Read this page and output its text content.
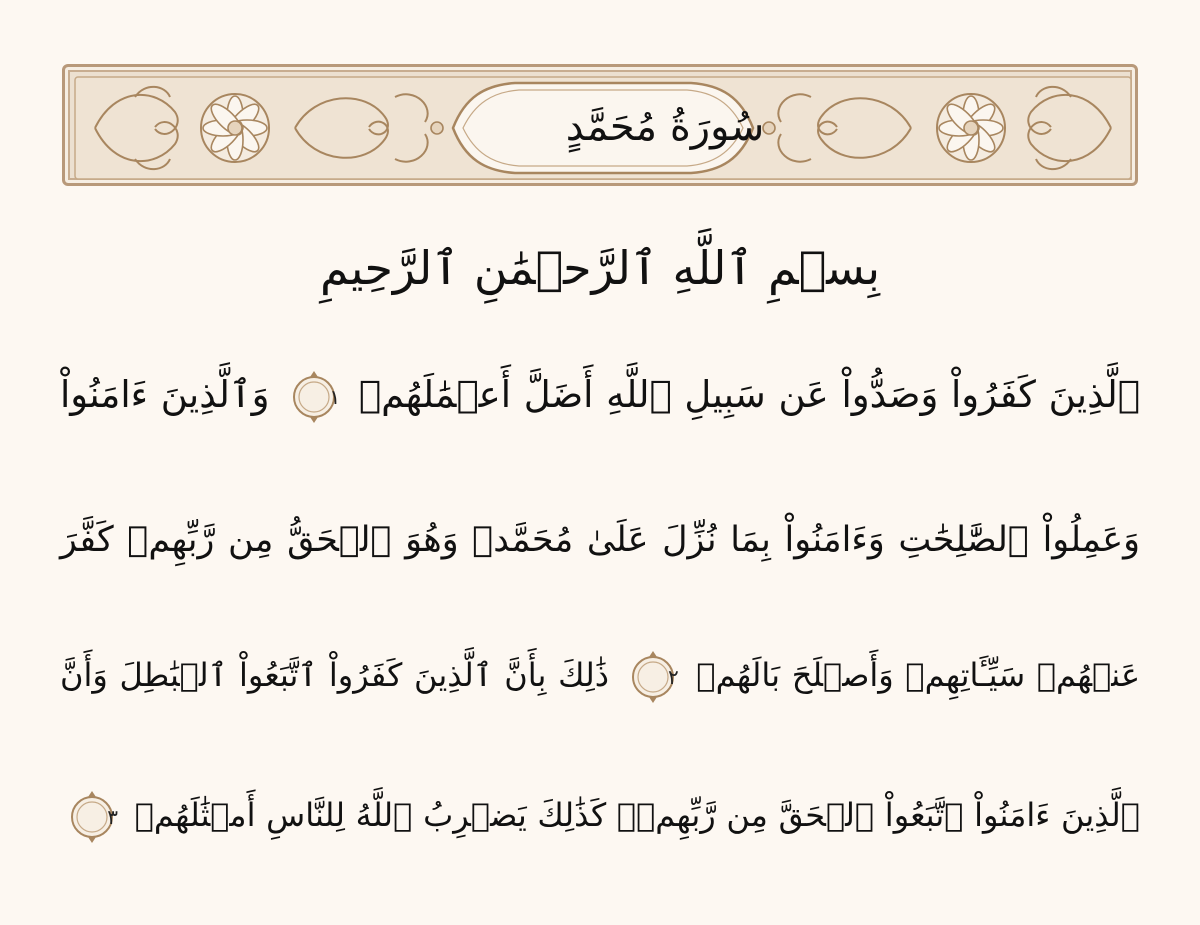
سُورَةُ مُحَمَّدٍ
بِسۡمِ ٱللَّهِ ٱلرَّحۡمَٰنِ ٱلرَّحِيمِ
ٱلَّذِينَ كَفَرُواْ وَصَدُّواْ عَن سَبِيلِ ٱللَّهِ أَضَلَّ أَعۡمَٰلَهُمۡ
١
وَٱلَّذِينَ ءَامَنُواْ
وَعَمِلُواْ ٱلصَّٰلِحَٰتِ وَءَامَنُواْ بِمَا نُزِّلَ عَلَىٰ مُحَمَّدٖ وَهُوَ ٱلۡحَقُّ مِن رَّبِّهِمۡ كَفَّرَ
عَنۡهُمۡ سَيِّـَٔاتِهِمۡ وَأَصۡلَحَ بَالَهُمۡ
٢
ذَٰلِكَ بِأَنَّ ٱلَّذِينَ كَفَرُواْ ٱتَّبَعُواْ ٱلۡبَٰطِلَ وَأَنَّ
ٱلَّذِينَ ءَامَنُواْ ٱتَّبَعُواْ ٱلۡحَقَّ مِن رَّبِّهِمۡۚ كَذَٰلِكَ يَضۡرِبُ ٱللَّهُ لِلنَّاسِ أَمۡثَٰلَهُمۡ
٣
